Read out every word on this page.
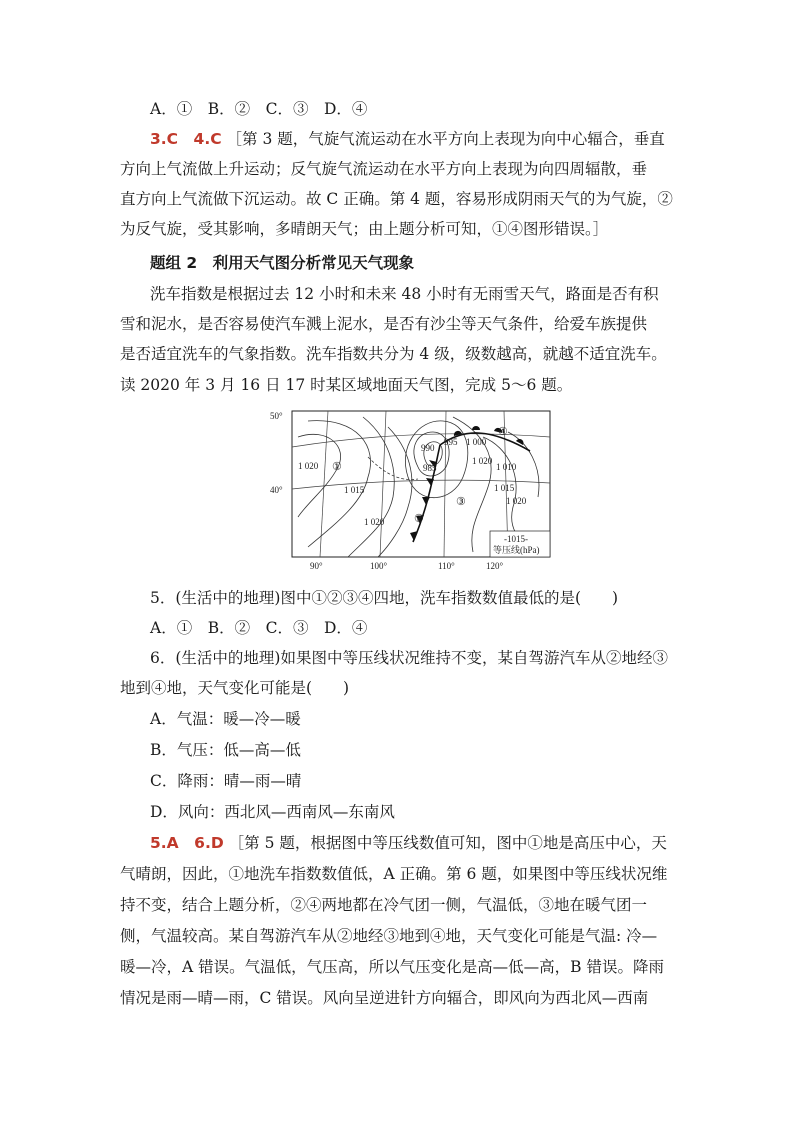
A．①　B．②　C．③　D．④
3.C　4.C ［第 3 题，气旋气流运动在水平方向上表现为向中心辐合，垂直
方向上气流做上升运动；反气旋气流运动在水平方向上表现为向四周辐散，垂
直方向上气流做下沉运动。故 C 正确。第 4 题，容易形成阴雨天气的为气旋，②
为反气旋，受其影响，多晴朗天气；由上题分析可知，①④图形错误。］
题组 2　利用天气图分析常见天气现象
洗车指数是根据过去 12 小时和未来 48 小时有无雨雪天气，路面是否有积
雪和泥水，是否容易使汽车溅上泥水，是否有沙尘等天气条件，给爱车族提供
是否适宜洗车的气象指数。洗车指数共分为 4 级，级数越高，就越不适宜洗车。
读 2020 年 3 月 16 日 17 时某区域地面天气图，完成 5～6 题。
50°
40°
90°	100°	110°	120°
990
995 1 000
985
1 020
1 015
1 020
1 020
1 010
1 015
1 020
①
②
③
④
-1015-
等压线(hPa)
5．(生活中的地理)图中①②③④四地，洗车指数数值最低的是(　　)
A．①　B．②　C．③　D．④
6．(生活中的地理)如果图中等压线状况维持不变，某自驾游汽车从②地经③
地到④地，天气变化可能是(　　)
A．气温：暖—冷—暖
B．气压：低—高—低
C．降雨：晴—雨—晴
D．风向：西北风—西南风—东南风
5.A　6.D ［第 5 题，根据图中等压线数值可知，图中①地是高压中心，天
气晴朗，因此，①地洗车指数数值低，A 正确。第 6 题，如果图中等压线状况维
持不变，结合上题分析，②④两地都在冷气团一侧，气温低，③地在暖气团一
侧，气温较高。某自驾游汽车从②地经③地到④地，天气变化可能是气温: 冷—
暖—冷，A 错误。气温低，气压高，所以气压变化是高—低—高，B 错误。降雨
情况是雨—晴—雨，C 错误。风向呈逆进针方向辐合，即风向为西北风—西南
